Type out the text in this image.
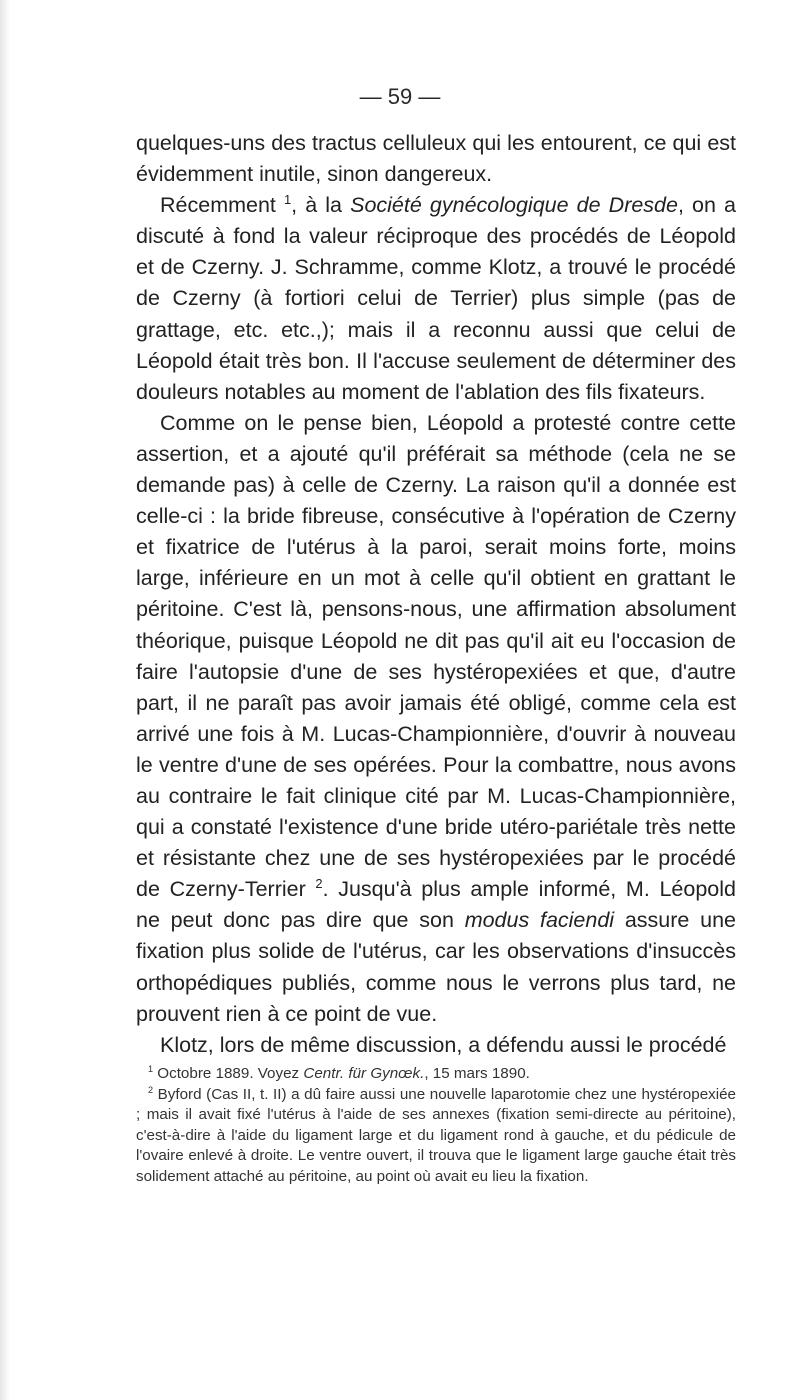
— 59 —

quelques-uns des tractus celluleux qui les entourent, ce qui est évidemment inutile, sinon dangereux.

Récemment $^1$, à la Société gynécologique de Dresde, on a discuté à fond la valeur réciproque des procédés de Léopold et de Czerny. J. Schramme, comme Klotz, a trouvé le procédé de Czerny (à fortiori celui de Terrier) plus simple (pas de grattage, etc. etc.,); mais il a reconnu aussi que celui de Léopold était très bon. Il l'accuse seulement de déterminer des douleurs notables au moment de l'ablation des fils fixateurs.

Comme on le pense bien, Léopold a protesté contre cette assertion, et a ajouté qu'il préférait sa méthode (cela ne se demande pas) à celle de Czerny. La raison qu'il a donnée est celle-ci : la bride fibreuse, consécutive à l'opération de Czerny et fixatrice de l'utérus à la paroi, serait moins forte, moins large, inférieure en un mot à celle qu'il obtient en grattant le péritoine. C'est là, pensons-nous, une affirmation absolument théorique, puisque Léopold ne dit pas qu'il ait eu l'occasion de faire l'autopsie d'une de ses hystéropexiées et que, d'autre part, il ne paraît pas avoir jamais été obligé, comme cela est arrivé une fois à M. Lucas-Championnière, d'ouvrir à nouveau le ventre d'une de ses opérées. Pour la combattre, nous avons au contraire le fait clinique cité par M. Lucas-Championnière, qui a constaté l'existence d'une bride utéro-pariétale très nette et résistante chez une de ses hystéropexiées par le procédé de Czerny-Terrier $^2$. Jusqu'à plus ample informé, M. Léopold ne peut donc pas dire que son modus faciendi assure une fixation plus solide de l'utérus, car les observations d'insuccès orthopédiques publiés, comme nous le verrons plus tard, ne prouvent rien à ce point de vue.

Klotz, lors de même discussion, a défendu aussi le procédé

$^1$ Octobre 1889. Voyez Centr. für Gynœk., 15 mars 1890.

$^2$ Byford (Cas II, t. II) a dû faire aussi une nouvelle laparotomie chez une hystéropexiée ; mais il avait fixé l'utérus à l'aide de ses annexes (fixation semi-directe au péritoine), c'est-à-dire à l'aide du ligament large et du ligament rond à gauche, et du pédicule de l'ovaire enlevé à droite. Le ventre ouvert, il trouva que le ligament large gauche était très solidement attaché au péritoine, au point où avait eu lieu la fixation.
